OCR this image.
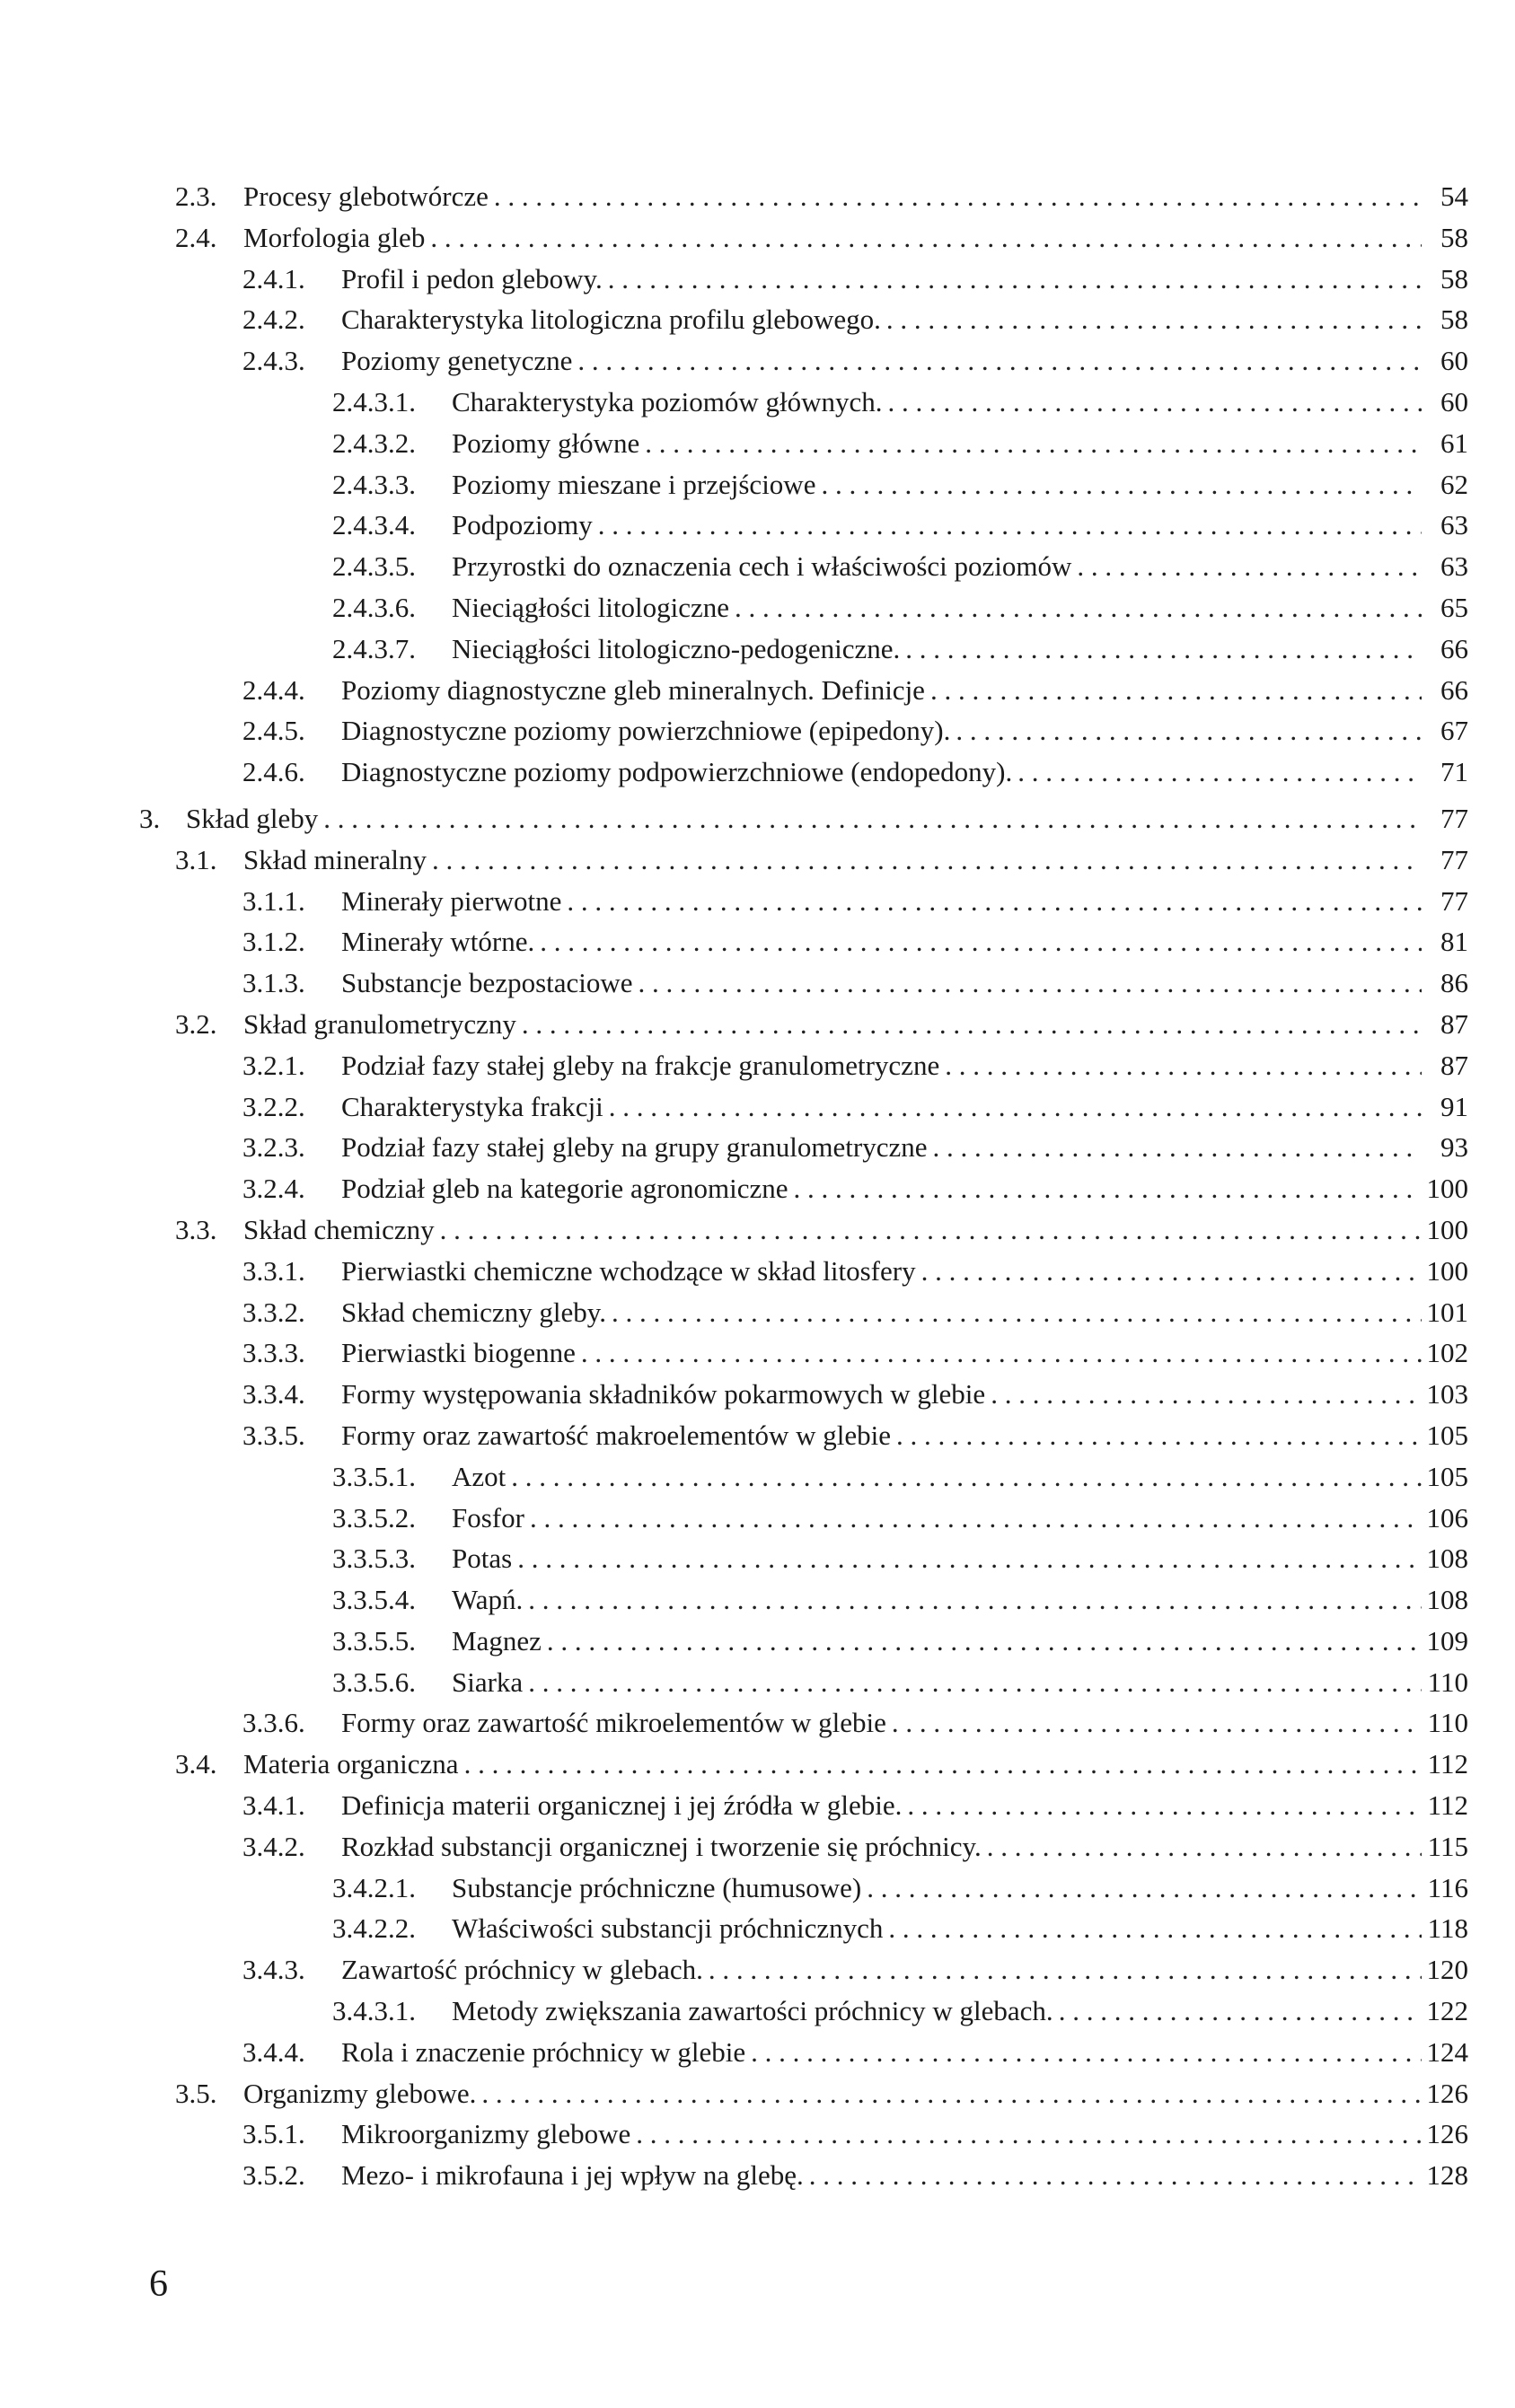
2.3. Procesy glebotwórcze . . .	54
2.4. Morfologia gleb . . .	58
2.4.1.	Profil i pedon glebowy. . . .	58
2.4.2.	Charakterystyka litologiczna profilu glebowego. . . .	58
2.4.3.	Poziomy genetyczne . . .	60
2.4.3.1.	Charakterystyka poziomów głównych. . . .	60
2.4.3.2.	Poziomy główne . . .	61
2.4.3.3.	Poziomy mieszane i przejściowe . . .	62
2.4.3.4.	Podpoziomy . . .	63
2.4.3.5.	Przyrostki do oznaczenia cech i właściwości poziomów . . .	63
2.4.3.6.	Nieciągłości litologiczne . . .	65
2.4.3.7.	Nieciągłości litologiczno-pedogeniczne. . . .	66
2.4.4.	Poziomy diagnostyczne gleb mineralnych. Definicje . . .	66
2.4.5.	Diagnostyczne poziomy powierzchniowe (epipedony). . . .	67
2.4.6.	Diagnostyczne poziomy podpowierzchniowe (endopedony). . . .	71
3. Skład gleby . . .	77
3.1. Skład mineralny . . .	77
3.1.1.	Minerały pierwotne . . .	77
3.1.2.	Minerały wtórne. . . .	81
3.1.3.	Substancje bezpostaciowe . . .	86
3.2. Skład granulometryczny . . .	87
3.2.1.	Podział fazy stałej gleby na frakcje granulometryczne . . .	87
3.2.2.	Charakterystyka frakcji . . .	91
3.2.3.	Podział fazy stałej gleby na grupy granulometryczne . . .	93
3.2.4.	Podział gleb na kategorie agronomiczne . . .	100
3.3. Skład chemiczny . . .	100
3.3.1.	Pierwiastki chemiczne wchodzące w skład litosfery . . .	100
3.3.2.	Skład chemiczny gleby. . . .	101
3.3.3.	Pierwiastki biogenne . . .	102
3.3.4.	Formy występowania składników pokarmowych w glebie . . .	103
3.3.5.	Formy oraz zawartość makroelementów w glebie . . .	105
3.3.5.1.	Azot . . .	105
3.3.5.2.	Fosfor . . .	106
3.3.5.3.	Potas . . .	108
3.3.5.4.	Wapń. . . .	108
3.3.5.5.	Magnez . . .	109
3.3.5.6.	Siarka . . .	110
3.3.6.	Formy oraz zawartość mikroelementów w glebie . . .	110
3.4. Materia organiczna . . .	112
3.4.1.	Definicja materii organicznej i jej źródła w glebie. . . .	112
3.4.2.	Rozkład substancji organicznej i tworzenie się próchnicy. . . .	115
3.4.2.1.	Substancje próchniczne (humusowe) . . .	116
3.4.2.2.	Właściwości substancji próchnicznych . . .	118
3.4.3.	Zawartość próchnicy w glebach. . . .	120
3.4.3.1.	Metody zwiększania zawartości próchnicy w glebach. . . .	122
3.4.4.	Rola i znaczenie próchnicy w glebie . . .	124
3.5. Organizmy glebowe. . . .	126
3.5.1.	Mikroorganizmy glebowe . . .	126
3.5.2.	Mezo- i mikrofauna i jej wpływ na glebę. . . .	128
6
